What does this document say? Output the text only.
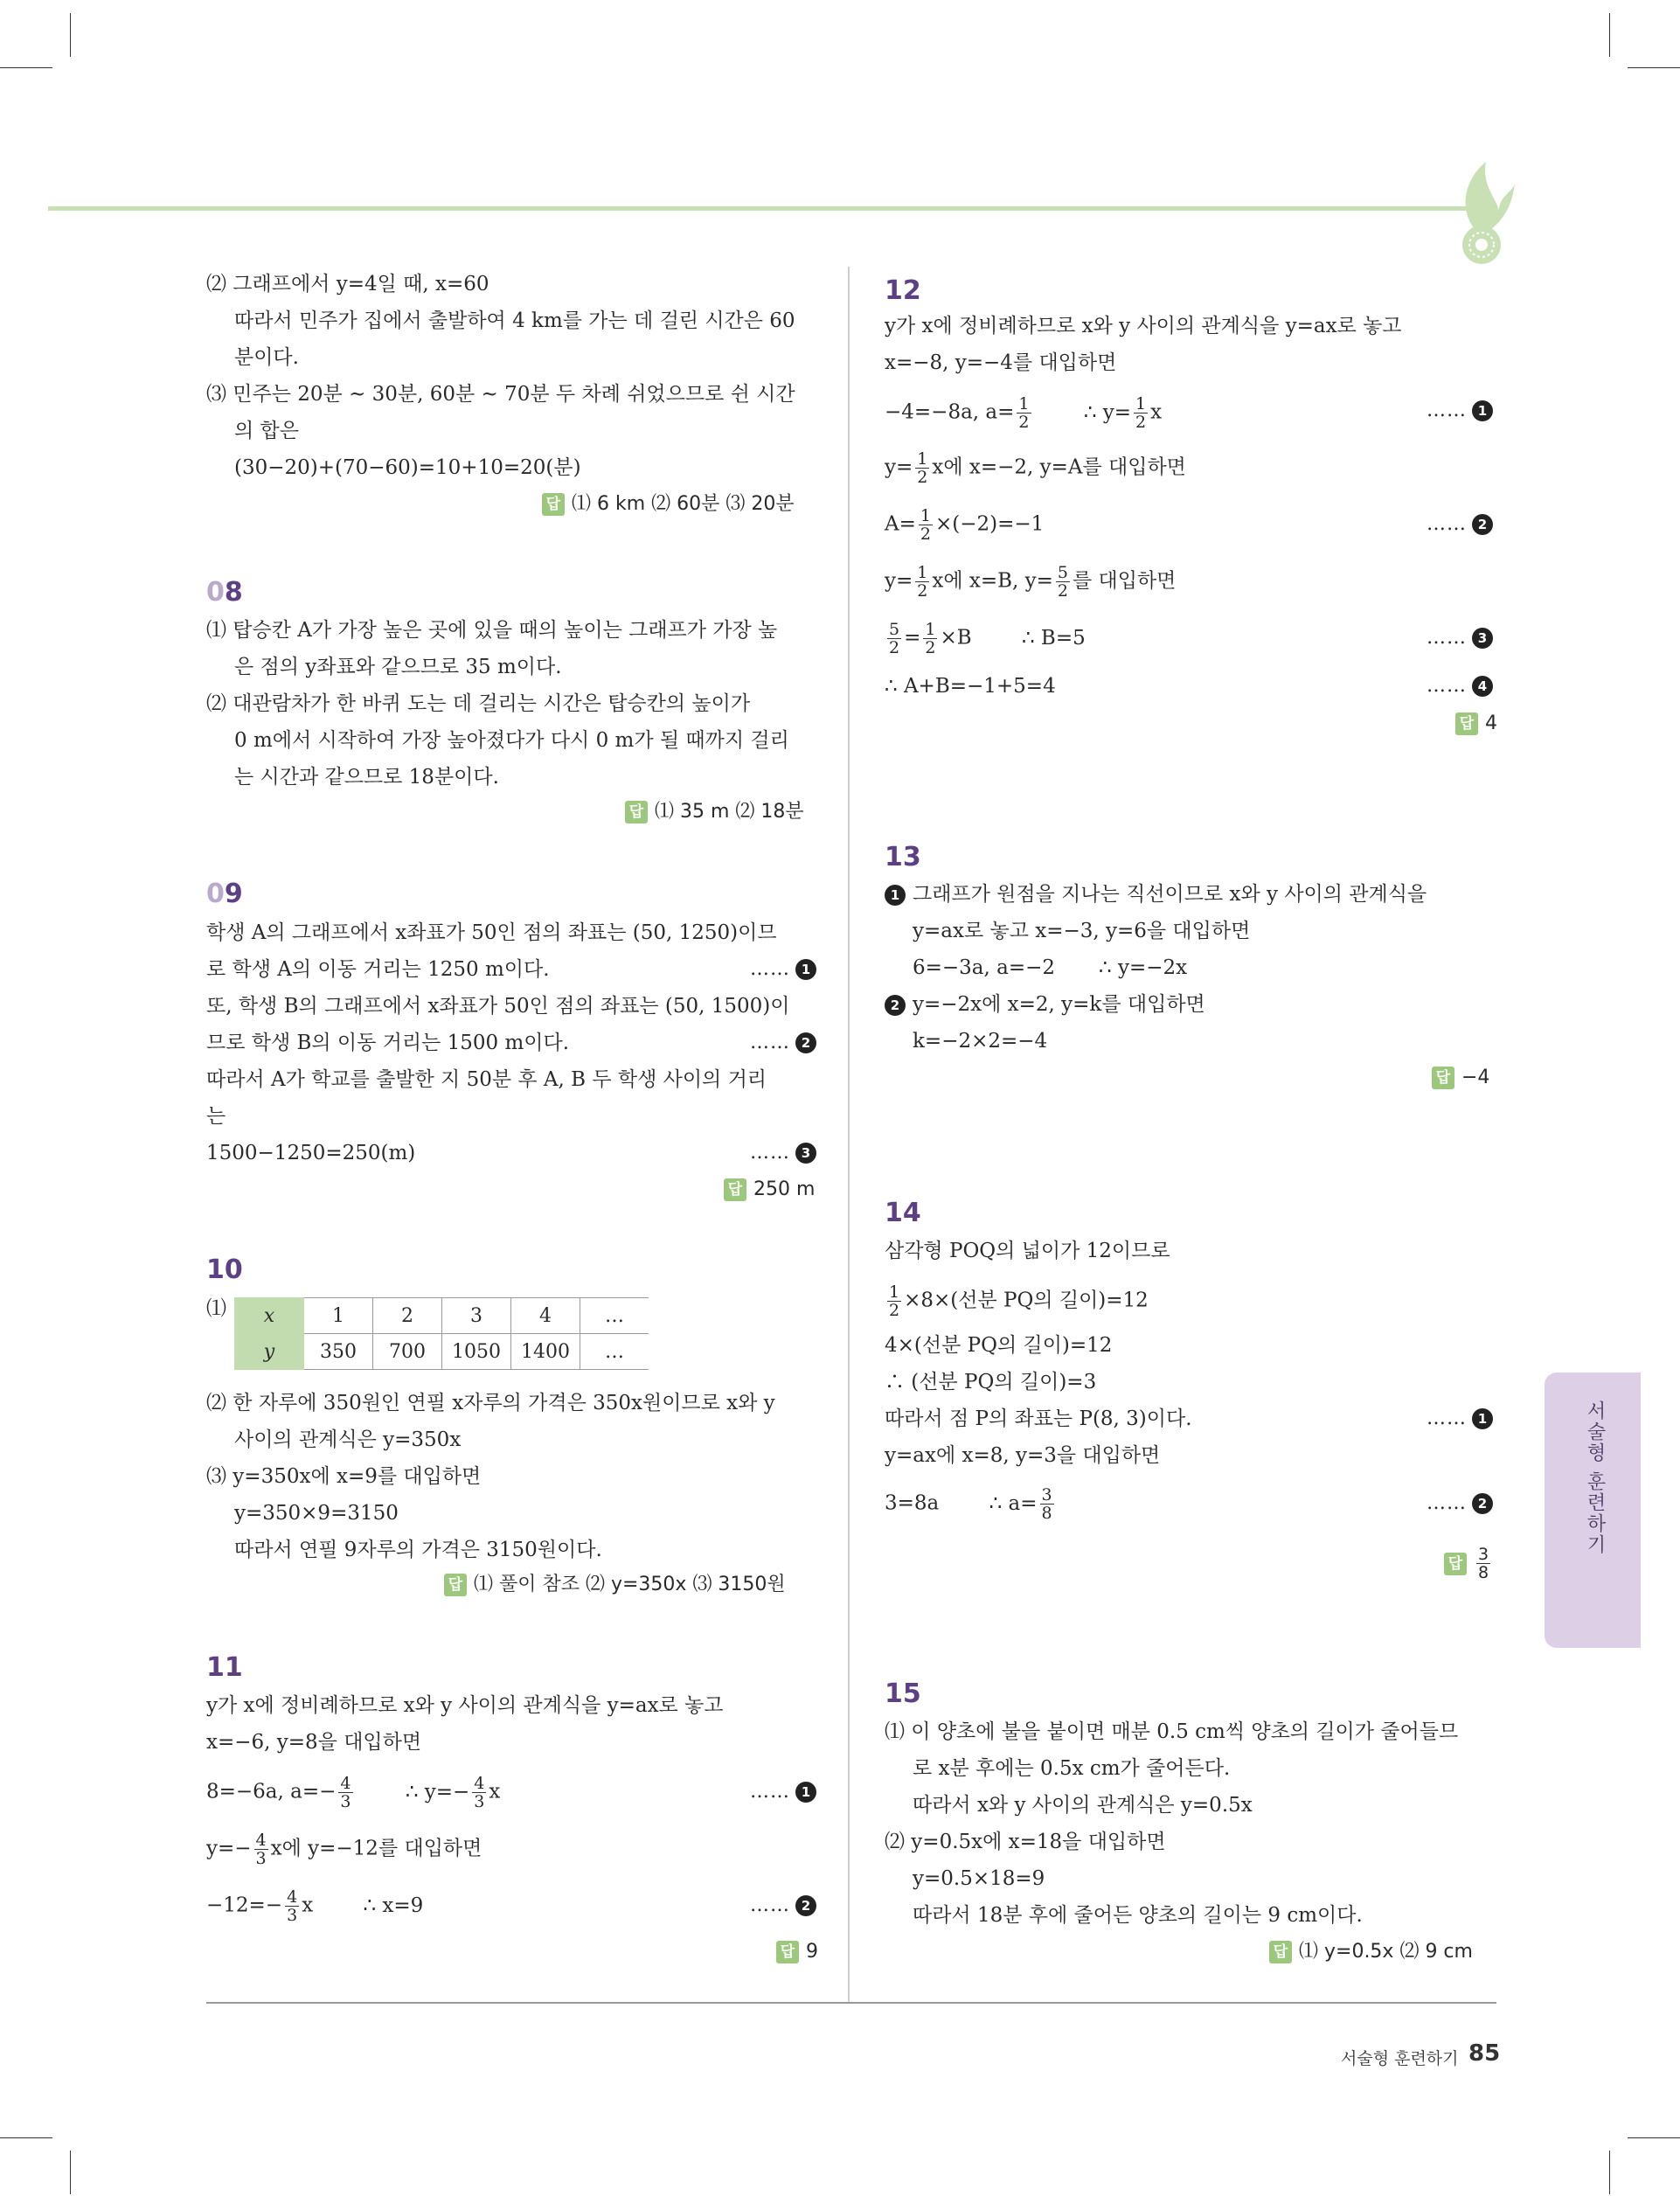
⑵ 그래프에서 y=4일 때, x=60
따라서 민주가 집에서 출발하여 4 km를 가는 데 걸린 시간은 60
분이다.
⑶ 민주는 20분 ~ 30분, 60분 ~ 70분 두 차례 쉬었으므로 쉰 시간
의 합은
(30−20)+(70−60)=10+10=20(분)
답 ⑴ 6 km ⑵ 60분 ⑶ 20분
08
⑴ 탑승칸 A가 가장 높은 곳에 있을 때의 높이는 그래프가 가장 높
은 점의 y좌표와 같으므로 35 m이다.
⑵ 대관람차가 한 바퀴 도는 데 걸리는 시간은 탑승칸의 높이가
0 m에서 시작하여 가장 높아졌다가 다시 0 m가 될 때까지 걸리
는 시간과 같으므로 18분이다.
답 ⑴ 35 m ⑵ 18분
09
학생 A의 그래프에서 x좌표가 50인 점의 좌표는 (50, 1250)이므
로 학생 A의 이동 거리는 1250 m이다.	…… 1
또, 학생 B의 그래프에서 x좌표가 50인 점의 좌표는 (50, 1500)이
므로 학생 B의 이동 거리는 1500 m이다.	…… 2
따라서 A가 학교를 출발한 지 50분 후 A, B 두 학생 사이의 거리
는
1500−1250=250(m)	…… 3
답 250 m
10
⑴ x	1	2	3	4	…
y	350	700	1050	1400	…
⑵ 한 자루에 350원인 연필 x자루의 가격은 350x원이므로 x와 y
사이의 관계식은 y=350x
⑶ y=350x에 x=9를 대입하면
y=350×9=3150
따라서 연필 9자루의 가격은 3150원이다.
답 ⑴ 풀이 참조 ⑵ y=350x ⑶ 3150원
11
y가 x에 정비례하므로 x와 y 사이의 관계식을 y=ax로 놓고
x=−6, y=8을 대입하면
8=−6a, $a=- \frac{4}{3}$	∴ $y=- \frac{4}{3}$ x	…… 1
$y=- \frac{4}{3}$ x에 y=−12를 대입하면
$-12=- \frac{4}{3}$ x ∴ x=9	…… 2
답 9
12
y가 x에 정비례하므로 x와 y 사이의 관계식을 y=ax로 놓고
x=−8, y=−4를 대입하면
−4=−8a, $a= \frac{1}{2}$	∴ $y= \frac{1}{2}$ x	…… 1
$y= \frac{1}{2}$ x에 x=−2, y=A를 대입하면
$A= \frac{1}{2} \times(-2)=-1$	…… 2
$y= \frac{1}{2}$ x에 x=B, $y= \frac{5}{2}$ 를 대입하면
$\frac{5}{2} = \frac{1}{2} \times B$ ∴ B=5	…… 3
∴ A+B=−1+5=4	…… 4
답 4
13
1 그래프가 원점을 지나는 직선이므로 x와 y 사이의 관계식을
y=ax로 놓고 x=−3, y=6을 대입하면
6=−3a, a=−2 ∴ y=−2x
2 y=−2x에 x=2, y=k를 대입하면
k=−2×2=−4
답 −4
14
삼각형 POQ의 넓이가 12이므로
$\frac{1}{2} \times 8\times$(선분 PQ의 길이)=12
4×(선분 PQ의 길이)=12
∴ (선분 PQ의 길이)=3
따라서 점 P의 좌표는 P(8, 3)이다.	…… 1
y=ax에 x=8, y=3을 대입하면
3=8a ∴ $a= \frac{3}{8}$	…… 2
답 $\frac{3}{8}$
15
⑴ 이 양초에 불을 붙이면 매분 0.5 cm씩 양초의 길이가 줄어들므
로 x분 후에는 0.5x cm가 줄어든다.
따라서 x와 y 사이의 관계식은 y=0.5x
⑵ y=0.5x에 x=18을 대입하면
y=0.5×18=9
따라서 18분 후에 줄어든 양초의 길이는 9 cm이다.
답 ⑴ y=0.5x ⑵ 9 cm
서술형 훈련하기
서술형 훈련하기 85
